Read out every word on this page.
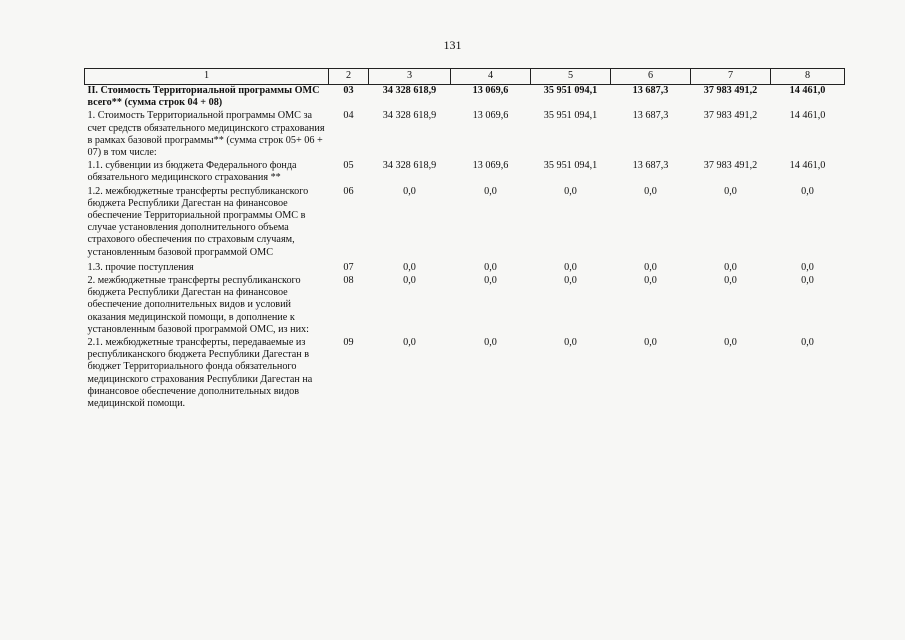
131
1	2	3	4	5	6	7	8
II. Стоимость Территориальной программы ОМС всего** (сумма строк 04 + 08)	03	34 328 618,9	13 069,6	35 951 094,1	13 687,3	37 983 491,2	14 461,0
1. Стоимость Территориальной программы ОМС за счет средств обязательного медицинского страхования в рамках базовой программы** (сумма строк 05+ 06 + 07) в том числе:	04	34 328 618,9	13 069,6	35 951 094,1	13 687,3	37 983 491,2	14 461,0
1.1. субвенции из бюджета Федерального фонда обязательного медицинского страхования **	05	34 328 618,9	13 069,6	35 951 094,1	13 687,3	37 983 491,2	14 461,0
1.2. межбюджетные трансферты республиканского бюджета Республики Дагестан на финансовое обеспечение Территориальной программы ОМС в случае установления дополнительного объема страхового обеспечения по страховым случаям, установленным базовой программой ОМС	06	0,0	0,0	0,0	0,0	0,0	0,0
1.3. прочие поступления	07	0,0	0,0	0,0	0,0	0,0	0,0
2. межбюджетные трансферты республиканского бюджета Республики Дагестан на финансовое обеспечение дополнительных видов и условий оказания медицинской помощи, в дополнение к установленным базовой программой ОМС, из них:	08	0,0	0,0	0,0	0,0	0,0	0,0
2.1. межбюджетные трансферты, передаваемые из республиканского бюджета Республики Дагестан в бюджет Территориального фонда обязательного медицинского страхования Республики Дагестан на финансовое обеспечение дополнительных видов медицинской помощи.	09	0,0	0,0	0,0	0,0	0,0	0,0
